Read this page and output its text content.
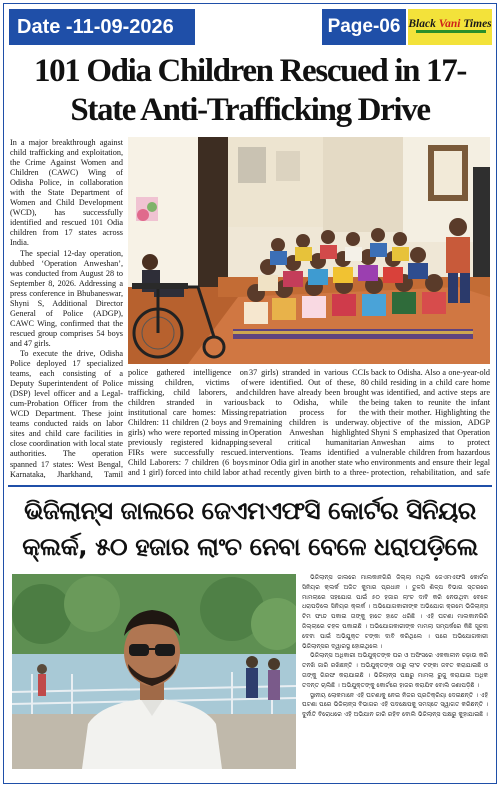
Date -11-09-2026	Page-06 Black Vani Times
101 Odia Children Rescued in 17-State Anti-Trafficking Drive

In a major breakthrough against child trafficking and exploitation, the Crime Against Women and Children (CAWC) Wing of Odisha Police, in collaboration with the State Department of Women and Child Development (WCD), has successfully identified and rescued 101 Odia children from 17 states across India.

The special 12-day operation, dubbed ‘Operation Anweshan’, was conducted from August 28 to September 8, 2026. Addressing a press conference in Bhubaneswar, Shyni S, Additional Director General of Police (ADGP), CAWC Wing, confirmed that the rescued group comprises 54 boys and 47 girls.

To execute the drive, Odisha Police deployed 17 specialized teams, each consisting of a Deputy Superintendent of Police (DSP) level officer and a Legal-cum-Probation Officer from the WCD Department. These joint teams conducted raids on labor sites and child care facilities in close coordination with local state authorities. The operation spanned 17 states: West Bengal, Karnataka, Jharkhand, Tamil

police gathered intelligence on missing children, victims of trafficking, child laborers, and children stranded in various institutional care homes: Missing Children: 11 children (2 boys and 9 girls) who were reported missing in previously registered kidnapping FIRs were successfully rescued. Child Laborers: 7 children (6 boys and 1 girl) forced into child labor at

37 girls) stranded in various CCIs were identified. Out of these, 80 children have already been brought back to Odisha, while the repatriation process for the remaining children is underway. Operation Anweshan highlighted several critical humanitarian interventions. Teams identified a minor Odia girl in another state who had recently given birth to a three-

back to Odisha. Also a one-year-old child residing in a child care home was identified, and active steps are being taken to reunite the infant with their mother. Highlighting the objective of the mission, ADGP Shyni S emphasized that Operation Anweshan aims to protect vulnerable children from hazardous environments and ensure their legal protection, rehabilitation, and safe

ଭିଜିଲାନ୍ସ ଜାଲରେ ଜେଏମଏଫସି କୋର୍ଟର ସିନିୟର କ୍ଲର୍କ, ୫୦ ହଜାର ଲାଂଚ ନେବା ବେଳେ ଧରାପଡ଼ିଲେ

ଭିଜିଲାନ୍ସ ଜାଲରେ ମାଲକାନଗିରି ଜିଲ୍ଲା ମଥିଲି ଜେଏମଏଫସି କୋର୍ଟର ସିନିୟର କ୍ଲର୍କ ଅଜିତ କୁମାର ପ୍ରଧାନ । ତୁଳସି ଶିଳ୍ପ ବିଭାଗ ସ୍ତରରେ ମାମଲାରେ ସହଯୋଗ ପାଇଁ ୫୦ ହଜାର ଲାଂଚ ଦାବି କରି ନେଉଥିବା ବେଳେ ଧରାପଡ଼ିଲେ ସିନିୟର କ୍ଲର୍କ । ଅଭିଯୋଗକାରୀଙ୍କ ଅଭିଯୋଗ କ୍ରମେ ଭିଜିଲାନ୍ସ ଟିମ ଫାନ୍ଦ ପକାଇ ତାଙ୍କୁ ହାତେ ହାତେ ଧରିଛି । ଏହି ଘଟଣା ମାଲକାନଗିରି ଜିଲ୍ଲାରେ ଚହଳ ପକାଇଛି । ଅଭିଯୋଗକାରୀଙ୍କ ମାମଲା ସମ୍ପର୍କରେ କିଛି ସୂଚନା ଦେବା ପାଇଁ ଅଭିଯୁକ୍ତ ଟଙ୍କା ଦାବି କରିଥିଲେ । ପରେ ଅଭିଯୋଗକାରୀ ଭିଜିଲାନ୍ସର ଦ୍ୱାରସ୍ଥ ହୋଇଥିଲେ ।

ଭିଜିଲାନ୍ସ ଅଧିକାରୀ ଅଭିଯୁକ୍ତଙ୍କ ଘର ଓ ଅଫିସରେ ଏକକାଳୀନ ଚଢ଼ାଉ କରି ତନଖି ଜାରି ରଖିଛନ୍ତି । ଅଭିଯୁକ୍ତଙ୍କ ଠାରୁ ଲାଂଚ ଟଙ୍କା ଜବତ କରାଯାଇଛି ଓ ତାଙ୍କୁ ଗିରଫ କରାଯାଇଛି । ଭିଜିଲାନ୍ସ ପକ୍ଷରୁ ମାମଲା ରୁଜୁ କରାଯାଇ ଅଧିକ ତଦନ୍ତ ଚାଲିଛି । ଅଭିଯୁକ୍ତଙ୍କୁ କୋର୍ଟରେ ହାଜର କରାଯିବ ବୋଲି ଜଣାପଡ଼ିଛି ।

ସ୍ଥାନୀୟ ଲୋକମାନେ ଏହି ଘଟଣାକୁ ନେଇ ନିଜର ପ୍ରତିକ୍ରିୟା ଦେଇଛନ୍ତି । ଏହି ଘଟଣା ପରେ ଭିଜିଲାନ୍ସ ବିଭାଗର ଏହି ପଦକ୍ଷେପକୁ ସମସ୍ତେ ସ୍ୱାଗତ କରିଛନ୍ତି । ଦୁର୍ନୀତି ବିରୋଧରେ ଏହି ଅଭିଯାନ ଜାରି ରହିବ ବୋଲି ଭିଜିଲାନ୍ସ ପକ୍ଷରୁ କୁହାଯାଇଛି ।
